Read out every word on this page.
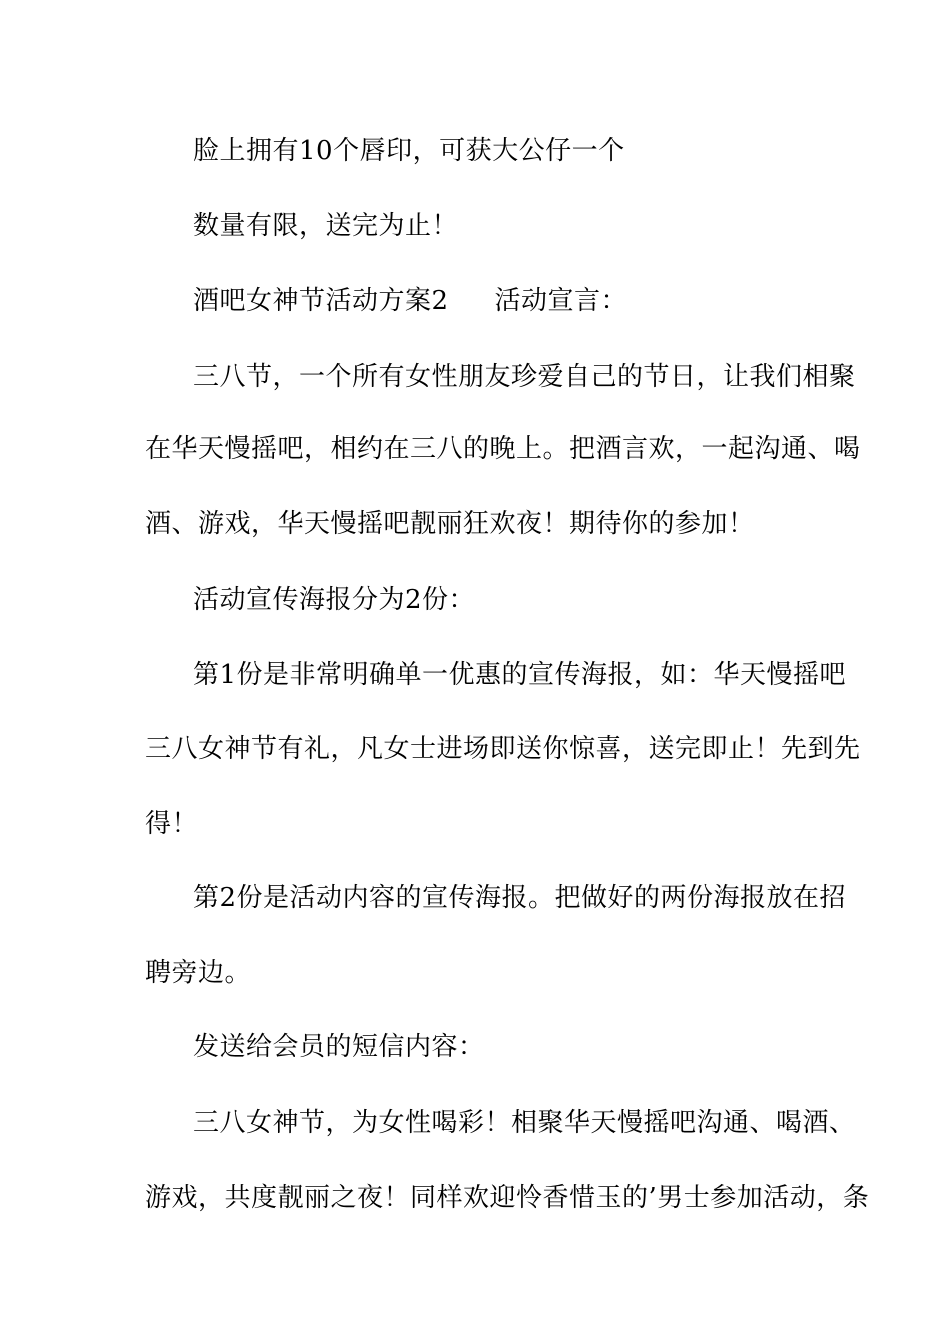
脸上拥有10个唇印，可获大公仔一个
数量有限，送完为止！
酒吧女神节活动方案2 活动宣言：
三八节，一个所有女性朋友珍爱自己的节日，让我们相聚
在华天慢摇吧，相约在三八的晚上。把酒言欢，一起沟通、喝
酒、游戏，华天慢摇吧靓丽狂欢夜！期待你的参加！
活动宣传海报分为2份：
第1份是非常明确单一优惠的宣传海报，如：华天慢摇吧
三八女神节有礼，凡女士进场即送你惊喜，送完即止！先到先
得！
第2份是活动内容的宣传海报。把做好的两份海报放在招
聘旁边。
发送给会员的短信内容：
三八女神节，为女性喝彩！相聚华天慢摇吧沟通、喝酒、
游戏，共度靓丽之夜！同样欢迎怜香惜玉的’男士参加活动，条
